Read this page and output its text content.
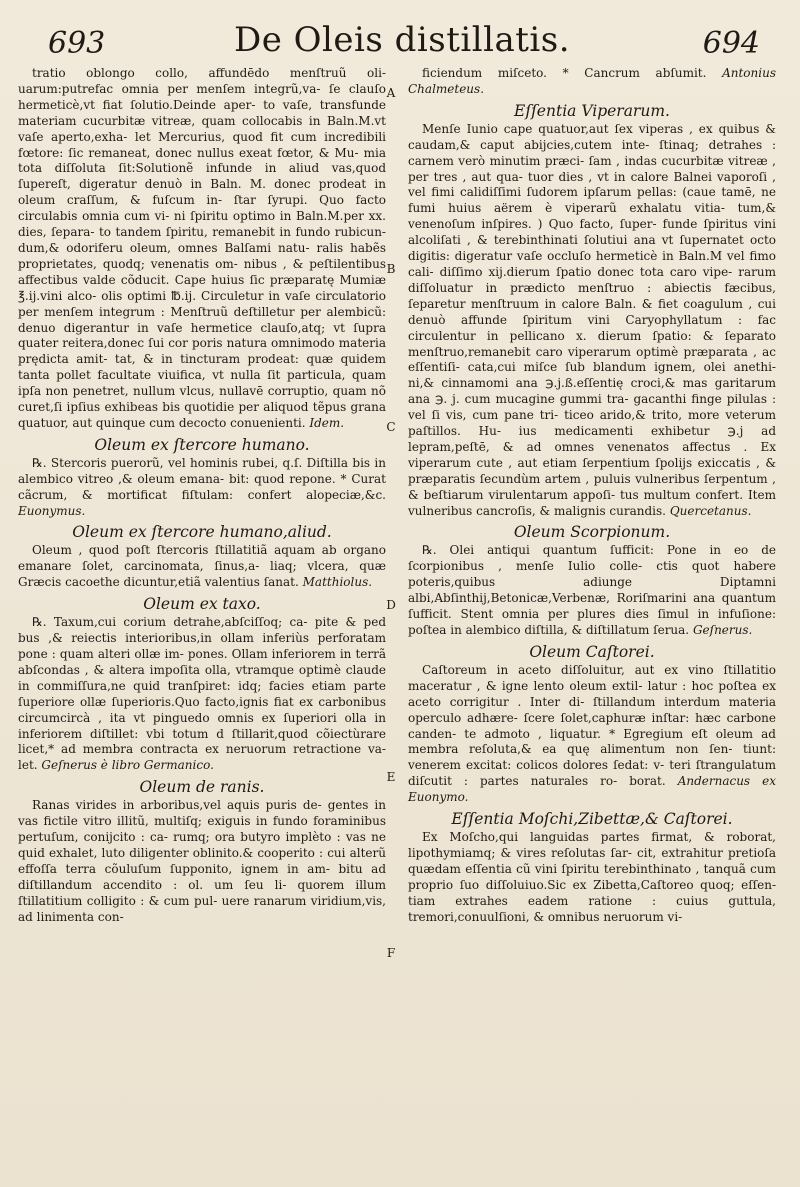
693	De Oleis distillatis.	694

tratio oblongo collo, affundēdo menſtruũ oli- uarum:putrefac omnia per menſem integrũ,va- ſe clauſo hermeticè,vt fiat ſolutio.Deinde aper- to vaſe, transfunde materiam cucurbitæ vitreæ, quam collocabis in Baln.M.vt vaſe aperto,exha- let Mercurius, quod fit cum incredibili fœtore: ſic remaneat, donec nullus exeat fœtor, & Mu- mia tota diſſoluta ſit:Solutionẽ infunde in aliud vas,quod ſupereſt, digeratur denuò in Baln. M. donec prodeat in oleum craſſum, & fuſcum in- ſtar ſyrupi. Quo facto circulabis omnia cum vi- ni ſpiritu optimo in Baln.M.per xx. dies, ſepara- to tandem ſpiritu, remanebit in fundo rubicun- dum,& odoriferu oleum, omnes Balſami natu- ralis habẽs proprietates, quodq; venenatis om- nibus , & peſtilentibus affectibus valde cõducit. Cape huius ſic præparatę Mumiæ ℥.ij.vini alco- olis optimi ℔.ij. Circuletur in vaſe circulatorio per menſem integrum : Menſtruũ deſtilletur per alembicũ: denuo digerantur in vaſe hermetice clauſo,atq; vt ſupra quater reitera,donec ſui cor poris natura omnimodo materia prędicta amit- tat, & in tincturam prodeat: quæ quidem tanta pollet facultate viuifica, vt nulla ſit particula, quam ipſa non penetret, nullum vlcus, nullavē corruptio, quam nõ curet,ſi ipſius exhibeas bis quotidie per aliquod tẽpus grana quatuor, aut quinque cum decocto conuenienti. Idem.

Oleum ex ſtercore humano.

℞. Stercoris puerorũ, vel hominis rubei, q.ſ. Diſtilla bis in alembico vitreo ,& oleum emana- bit: quod repone. * Curat cãcrum, & mortificat fiſtulam: confert alopeciæ,&c. Euonymus.

Oleum ex ſtercore humano,aliud.

Oleum , quod poſt ſtercoris ſtillatitiã aquam ab organo emanare ſolet, carcinomata, ſinus,a- liaq; vlcera, quæ Græcis cacoethe dicuntur,etiã valentius ſanat. Matthiolus.

Oleum ex taxo.

℞. Taxum,cui corium detrahe,abſciſſoq; ca- pite & ped bus ,& reiectis interioribus,in ollam inferiùs perforatam pone : quam alteri ollæ im- pones. Ollam inferiorem in terrã abſcondas , & altera impoſita olla, vtramque optimè claude in commiſſura,ne quid tranſpiret: idq; facies etiam parte ſuperiore ollæ ſuperioris.Quo facto,ignis fiat ex carbonibus circumcircà , ita vt pinguedo omnis ex ſuperiori olla in inferiorem diſtillet: vbi totum d ſtillarit,quod cõiectùrare licet,* ad membra contracta ex neruorum retractione va- let. Geſnerus è libro Germanico.

Oleum de ranis.

Ranas virides in arboribus,vel aquis puris de- gentes in vas fictile vitro illitũ, multiſq; exiguis in fundo foraminibus pertuſum, conijcito : ca- rumq; ora butyro implèto : vas ne quid exhalet, luto diligenter oblinito.& cooperito : cui alterũ effoſſa terra cõuluſum ſupponito, ignem in am- bitu ad diſtillandum accendito : ol. um ſeu li- quorem illum ſtillatitium colligito : & cum pul- uere ranarum viridium,vis, ad linimenta con-

ficiendum miſceto. * Cancrum abſumit. Antonius Chalmeteus.

Eſſentia Viperarum.

Menſe Iunio cape quatuor,aut ſex viperas , ex quibus & caudam,& caput abijcies,cutem inte- ſtinaq; detrahes : carnem verò minutim præci- ſam , indas cucurbitæ vitreæ , per tres , aut qua- tuor dies , vt in calore Balnei vaporoſi , vel fimi calidiſſimi ſudorem ipſarum pellas: (caue tamē, ne fumi huius aërem è viperarũ exhalatu vitia- tum,& venenoſum inſpires. ) Quo facto, ſuper- funde ſpiritus vini alcoliſati , & terebinthinati ſolutiui ana vt ſupernatet octo digitis: digeratur vaſe occluſo hermeticè in Baln.M vel fimo cali- diſſimo xij.dierum ſpatio donec tota caro vipe- rarum diſſoluatur in prædicto menſtruo : abiectis fæcibus, ſeparetur menſtruum in calore Baln. & fiet coagulum , cui denuò affunde ſpiritum vini Caryophyllatum : fac circulentur in pellicano x. dierum ſpatio: & ſeparato menſtruo,remanebit caro viperarum optimè præparata , ac eſſentiſi- cata,cui miſce ſub blandum ignem, olei anethi- ni,& cinnamomi ana ℈.j.ß.eſſentię croci,& mas garitarum ana ℈. j. cum mucagine gummi tra- gacanthi finge pilulas : vel ſi vis, cum pane tri- ticeo arido,& trito, more veterum paſtillos. Hu- ius medicamenti exhibetur ℈.j ad lepram,peſtē, & ad omnes venenatos affectus . Ex viperarum cute , aut etiam ſerpentium ſpolijs exiccatis , & præparatis ſecundùm artem , puluis vulneribus ſerpentum , & beſtiarum virulentarum appoſi- tus multum confert. Item vulneribus cancroſis, & malignis curandis. Quercetanus.

Oleum Scorpionum.

℞. Olei antiqui quantum ſufficit: Pone in eo de ſcorpionibus , menſe Iulio colle- ctis quot habere poteris,quibus adiunge Diptamni albi,Abſinthij,Betonicæ,Verbenæ, Roriſmarini ana quantum ſufficit. Stent omnia per plures dies ſimul in infuſione: poſtea in alembico diſtilla, & diſtillatum ſerua. Geſnerus.

Oleum Caſtorei.

Caſtoreum in aceto diſſoluitur, aut ex vino ſtillatitio maceratur , & igne lento oleum extil- latur : hoc poſtea ex aceto corrigitur . Inter di- ſtillandum interdum materia operculo adhære- ſcere ſolet,caphuræ inſtar: hæc carbone canden- te admoto , liquatur. * Egregium eſt oleum ad membra reſoluta,& ea quę alimentum non ſen- tiunt: venerem excitat: colicos dolores ſedat: v- teri ſtrangulatum diſcutit : partes naturales ro- borat. Andernacus ex Euonymo.

Eſſentia Moſchi,Zibettæ,& Caſtorei.

Ex Moſcho,qui languidas partes firmat, & roborat, lipothymiamq; & vires reſolutas ſar- cit, extrahitur pretioſa quædam eſſentia cũ vini ſpiritu terebinthinato , tanquã cum proprio ſuo diſſoluiuo.Sic ex Zibetta,Caſtoreo quoq; eſſen- tiam extrahes eadem ratione : cuius guttula, tremori,conuulſioni, & omnibus neruorum vi-

A
B
C
D
E
F
